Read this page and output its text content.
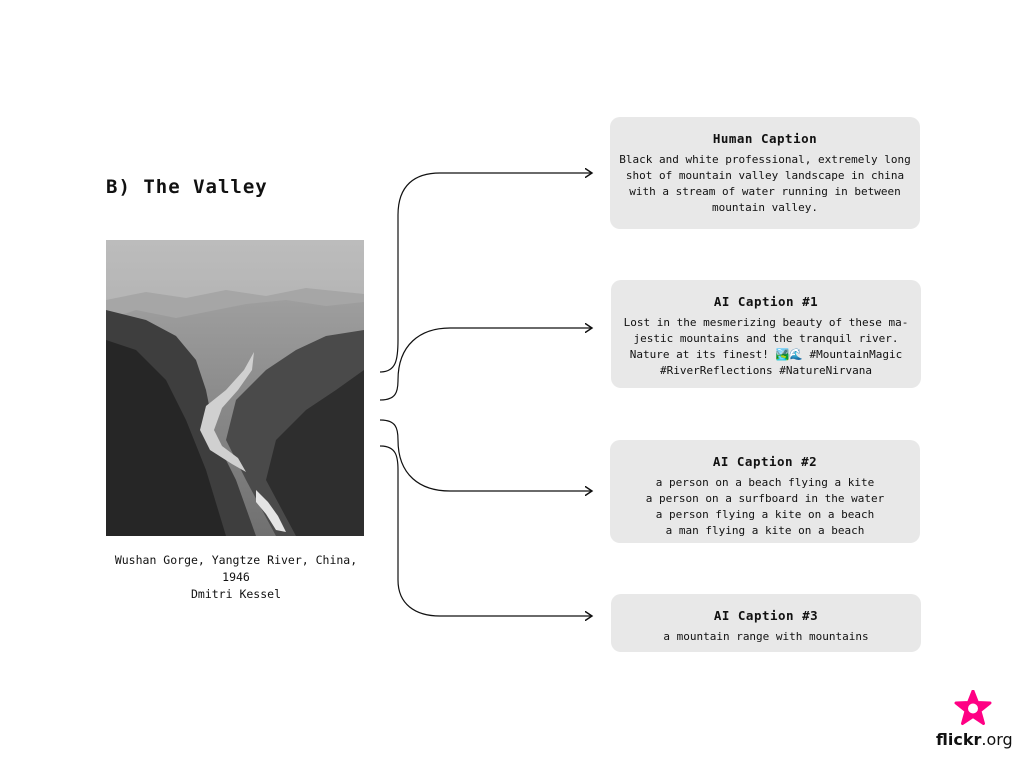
B) The Valley
Wushan Gorge, Yangtze River, China,
1946
Dmitri Kessel
Human Caption
Black and white professional, extremely long
shot of mountain valley landscape in china
with a stream of water running in between
mountain valley.
AI Caption #1
Lost in the mesmerizing beauty of these ma-
jestic mountains and the tranquil river.
Nature at its finest! 🏞️🌊 #MountainMagic
#RiverReflections #NatureNirvana
AI Caption #2
a person on a beach flying a kite
a person on a surfboard in the water
a person flying a kite on a beach
a man flying a kite on a beach
AI Caption #3
a mountain range with mountains
flickr.org
